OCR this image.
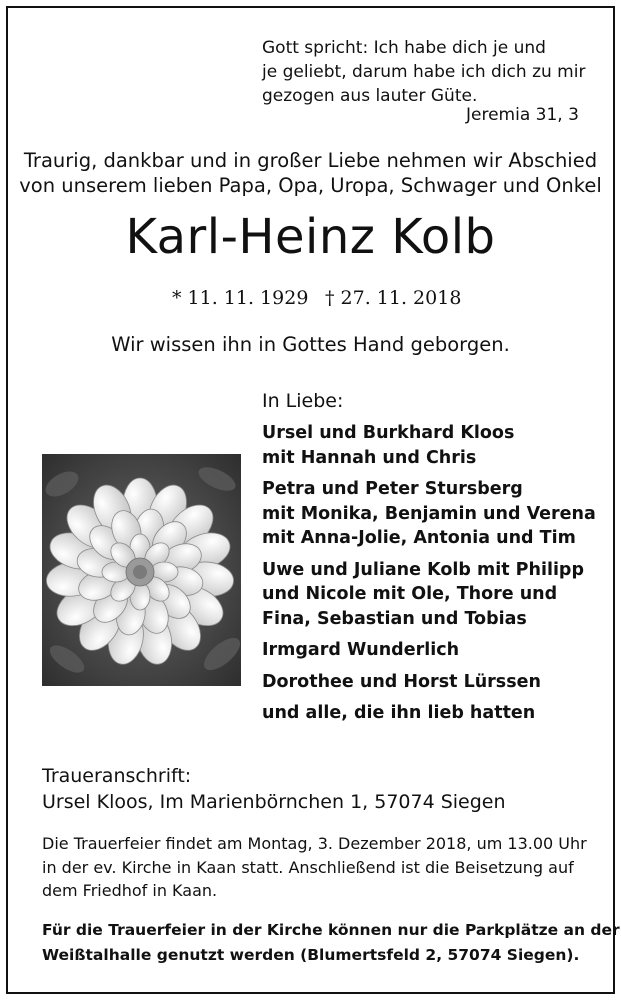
Gott spricht: Ich habe dich je und
je geliebt, darum habe ich dich zu mir
gezogen aus lauter Güte.
Jeremia 31, 3
Traurig, dankbar und in großer Liebe nehmen wir Abschied
von unserem lieben Papa, Opa, Uropa, Schwager und Onkel
Karl-Heinz Kolb
* 11. 11. 1929 † 27. 11. 2018
Wir wissen ihn in Gottes Hand geborgen.
In Liebe:
Ursel und Burkhard Kloos
mit Hannah und Chris
Petra und Peter Stursberg
mit Monika, Benjamin und Verena
mit Anna-Jolie, Antonia und Tim
Uwe und Juliane Kolb mit Philipp
und Nicole mit Ole, Thore und
Fina, Sebastian und Tobias
Irmgard Wunderlich
Dorothee und Horst Lürssen
und alle, die ihn lieb hatten
Traueranschrift:
Ursel Kloos, Im Marienbörnchen 1, 57074 Siegen
Die Trauerfeier findet am Montag, 3. Dezember 2018, um 13.00 Uhr
in der ev. Kirche in Kaan statt. Anschließend ist die Beisetzung auf
dem Friedhof in Kaan.
Für die Trauerfeier in der Kirche können nur die Parkplätze an der
Weißtalhalle genutzt werden (Blumertsfeld 2, 57074 Siegen).
